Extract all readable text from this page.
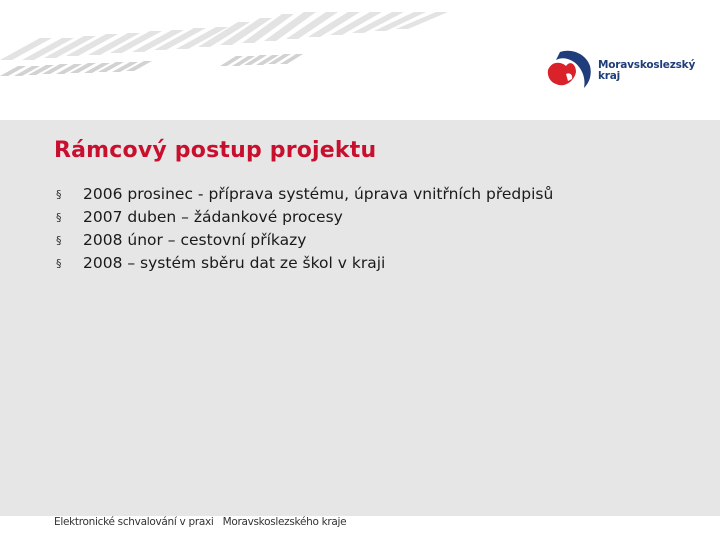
Moravskoslezský
kraj
Rámcový postup projektu
§ 2006 prosinec - příprava systému, úprava vnitřních předpisů
§ 2007 duben – žádankové procesy
§ 2008 únor – cestovní příkazy
§ 2008 – systém sběru dat ze škol v kraji
Elektronické schvalování v praxi Moravskoslezského kraje
